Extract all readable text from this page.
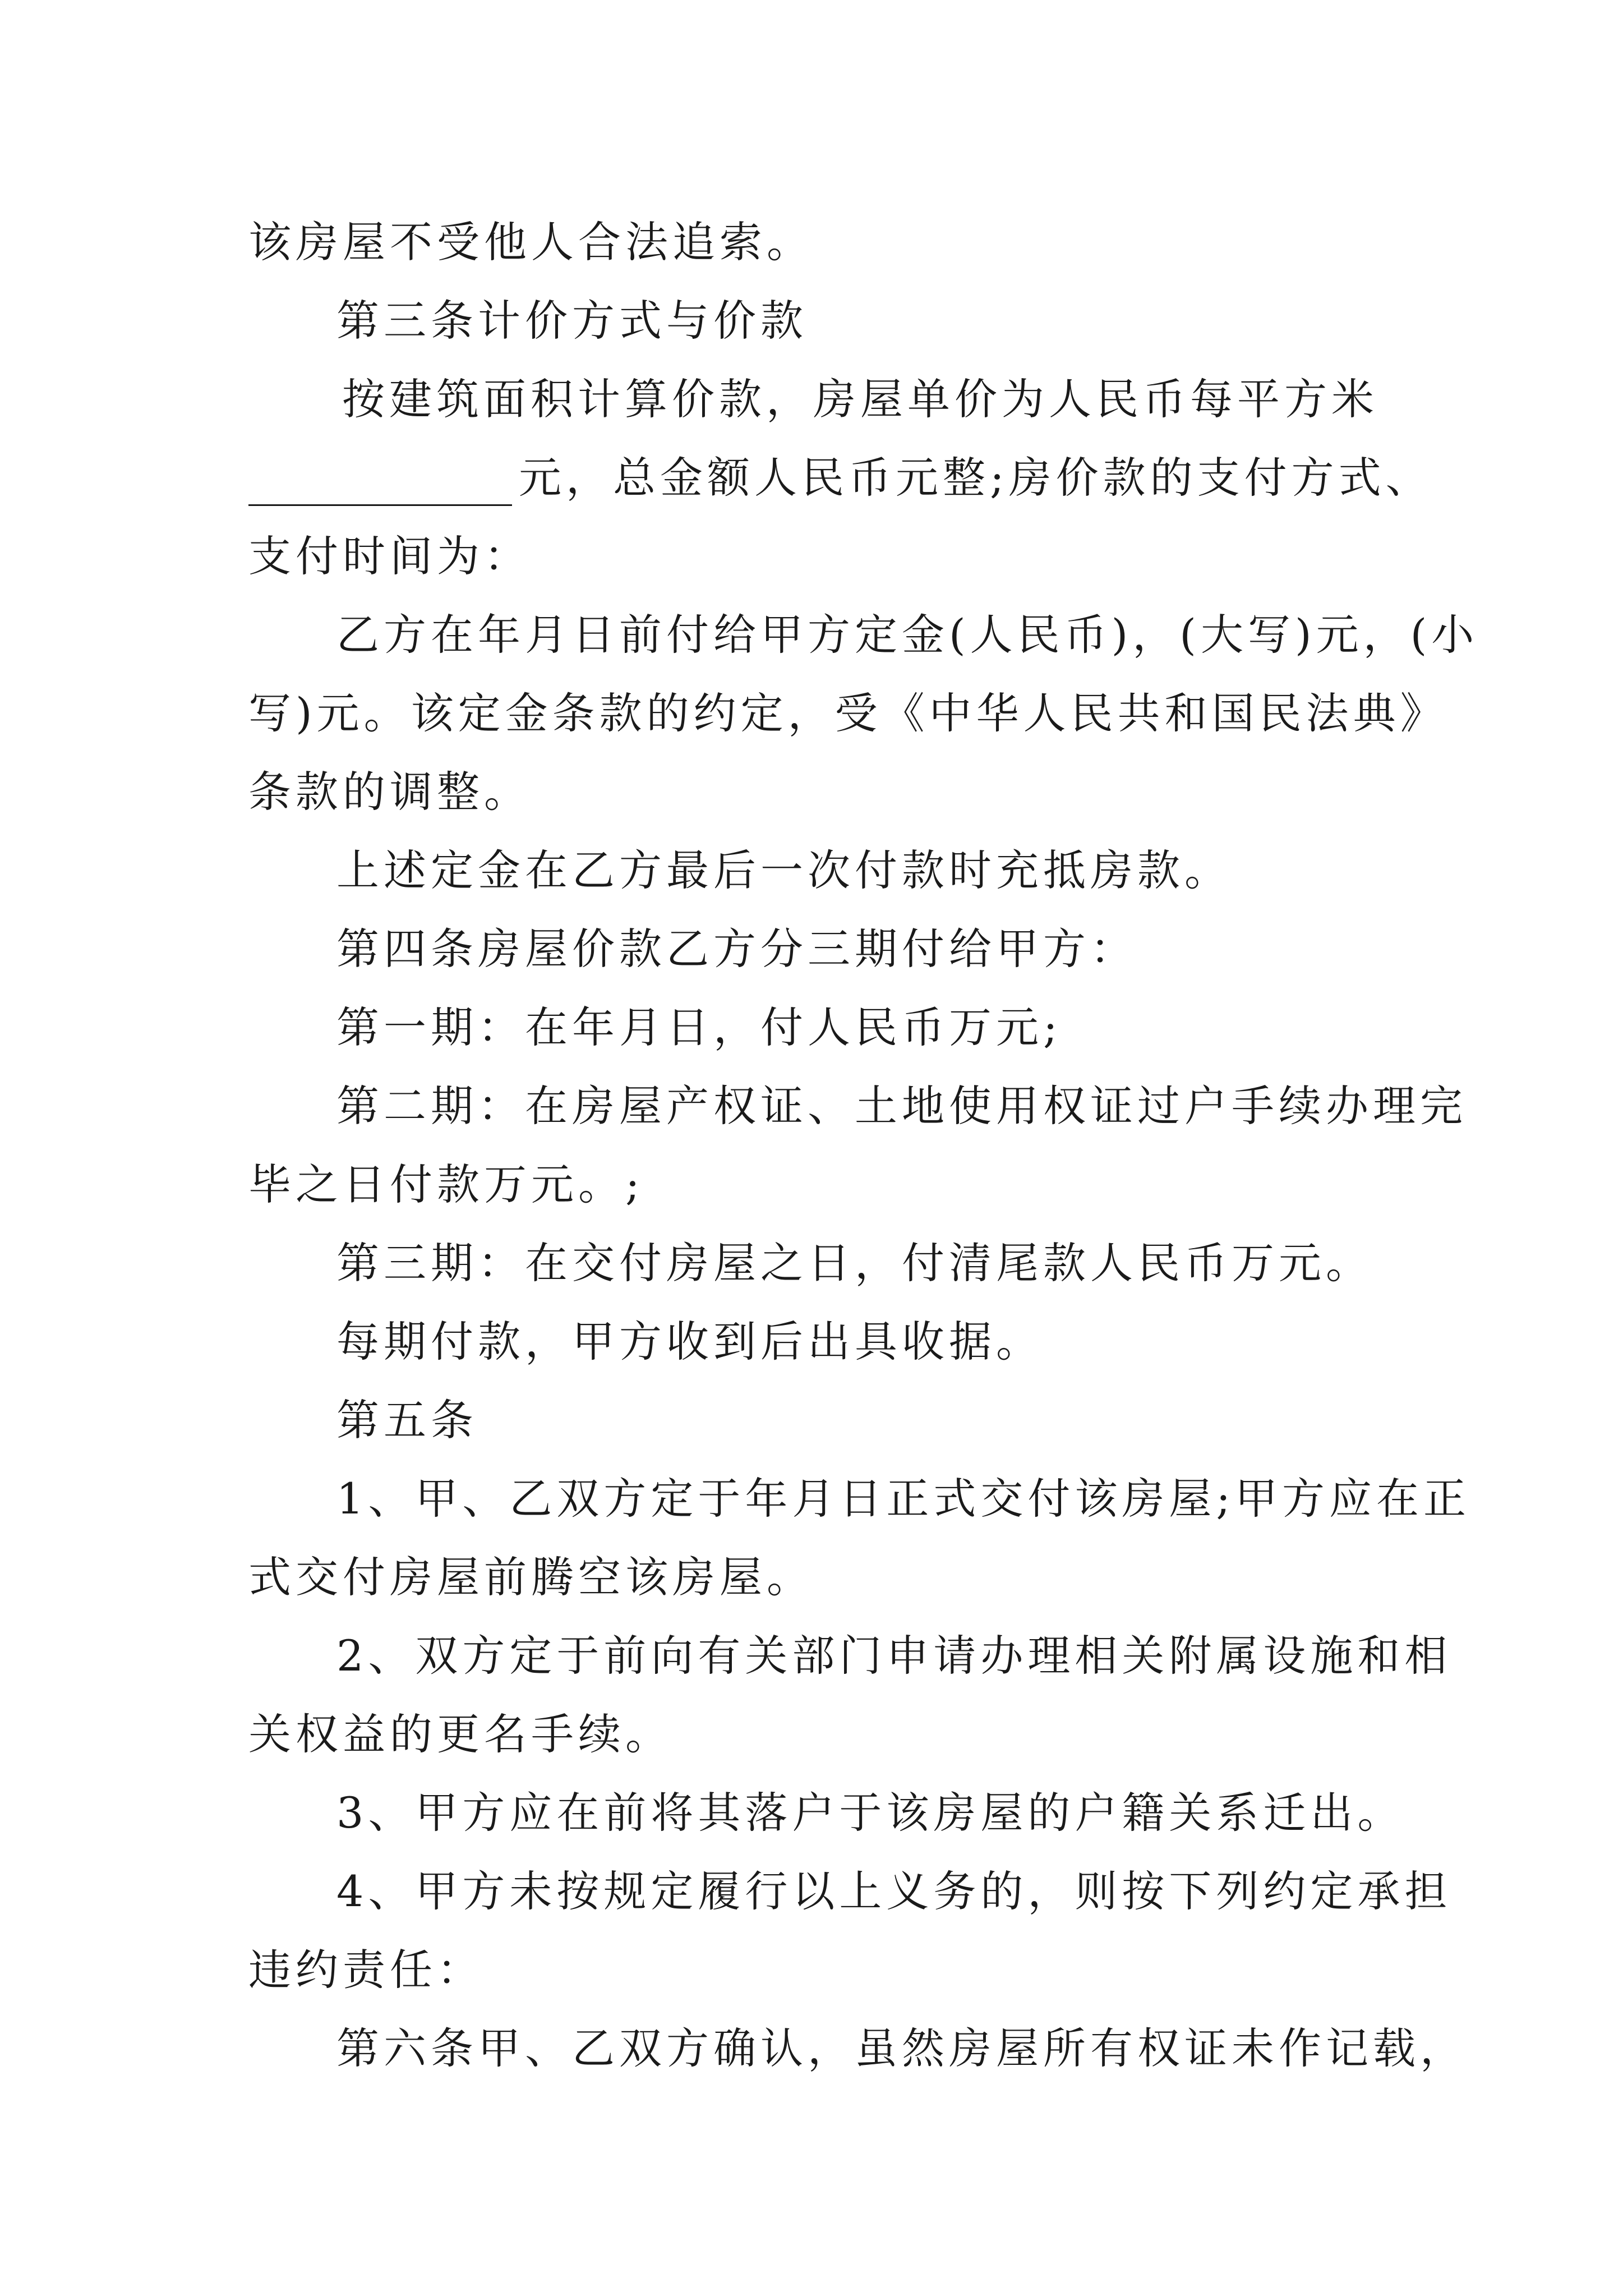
该房屋不受他人合法追索。

第三条计价方式与价款

按建筑面积计算价款，房屋单价为人民币每平方米

元，总金额人民币元整;房价款的支付方式、

支付时间为：

乙方在年月日前付给甲方定金(人民币)，(大写)元，(小

写)元。该定金条款的约定，受《中华人民共和国民法典》

条款的调整。

上述定金在乙方最后一次付款时充抵房款。

第四条房屋价款乙方分三期付给甲方：

第一期：在年月日，付人民币万元;

第二期：在房屋产权证、土地使用权证过户手续办理完

毕之日付款万元。;

第三期：在交付房屋之日，付清尾款人民币万元。

每期付款，甲方收到后出具收据。

第五条

1、甲、乙双方定于年月日正式交付该房屋;甲方应在正

式交付房屋前腾空该房屋。

2、双方定于前向有关部门申请办理相关附属设施和相

关权益的更名手续。

3、甲方应在前将其落户于该房屋的户籍关系迁出。

4、甲方未按规定履行以上义务的，则按下列约定承担

违约责任：

第六条甲、乙双方确认，虽然房屋所有权证未作记载，
